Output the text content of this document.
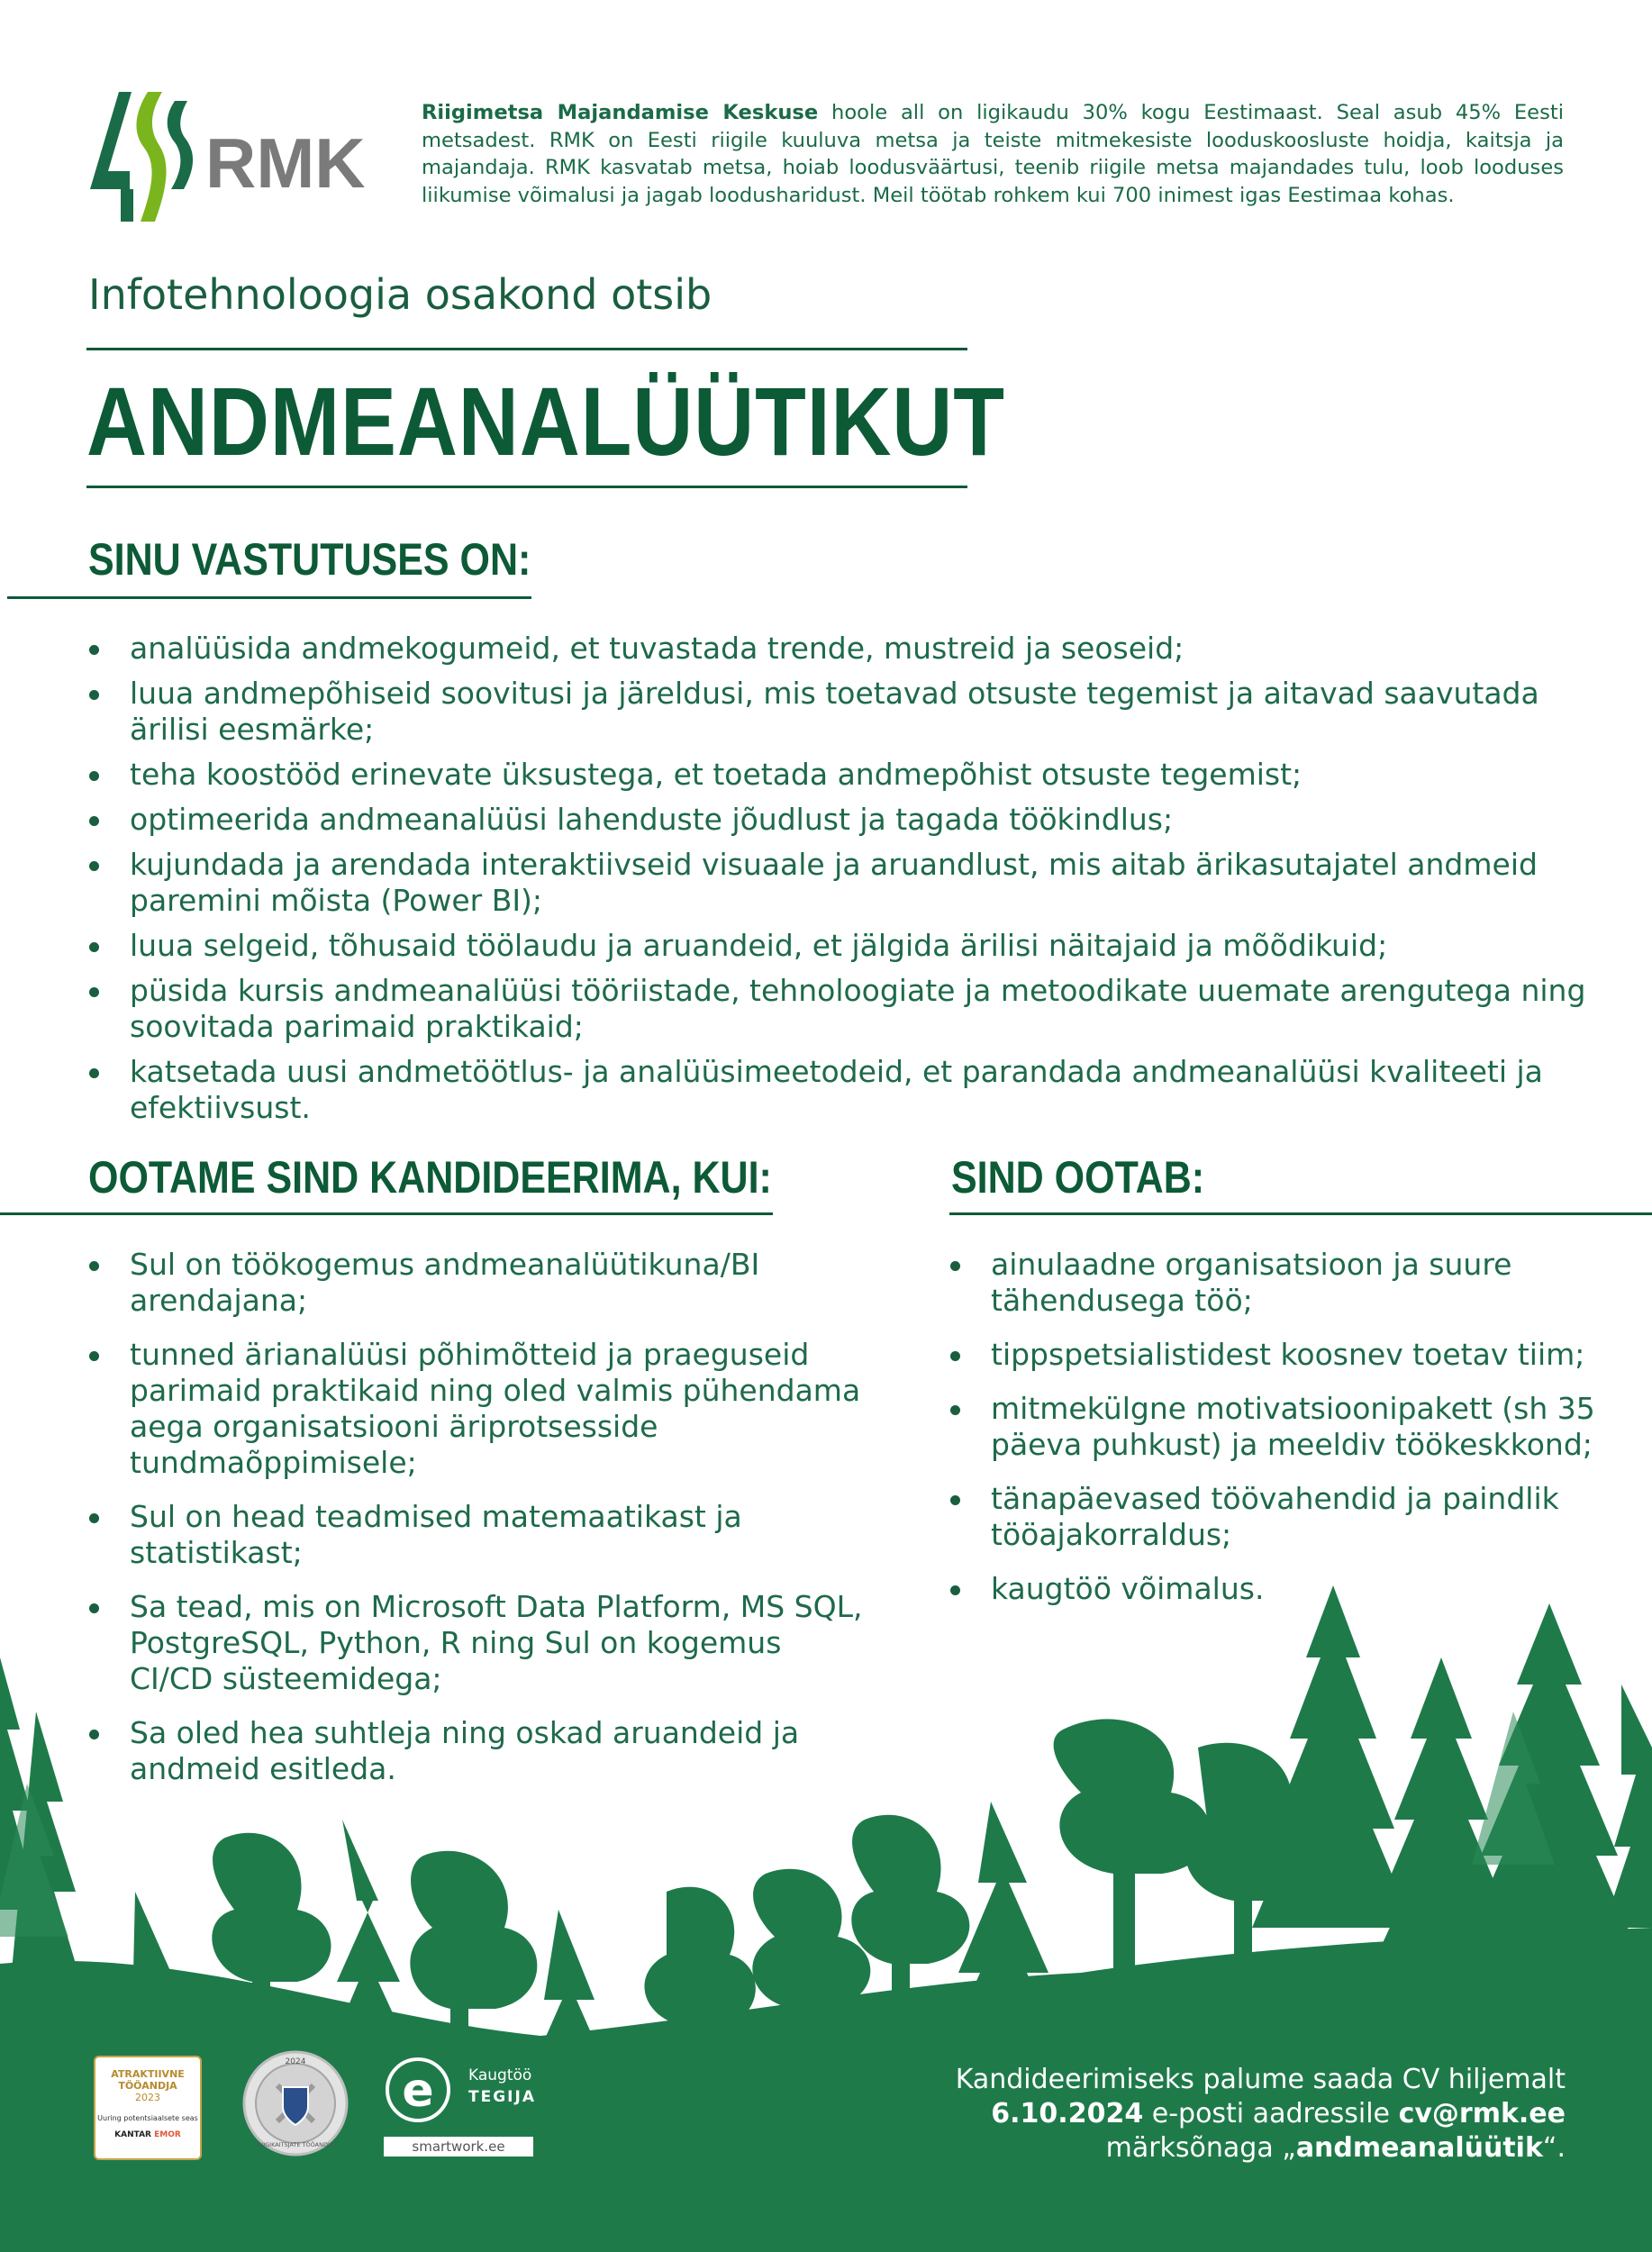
RMK
Riigimetsa Majandamise Keskuse hoole all on ligikaudu 30% kogu Eestimaast. Seal asub 45% Eesti metsadest. RMK on Eesti riigile kuuluva metsa ja teiste mitmekesiste looduskoosluste hoidja, kaitsja ja majandaja. RMK kasvatab metsa, hoiab loodusväärtusi, teenib riigile metsa majandades tulu, loob looduses liikumise võimalusi ja jagab loodusharidust. Meil töötab rohkem kui 700 inimest igas Eestimaa kohas.
Infotehnoloogia osakond otsib
ANDMEANALÜÜTIKUT
SINU VASTUTUSES ON:
analüüsida andmekogumeid, et tuvastada trende, mustreid ja seoseid;
luua andmepõhiseid soovitusi ja järeldusi, mis toetavad otsuste tegemist ja aitavad saavutada ärilisi eesmärke;
teha koostööd erinevate üksustega, et toetada andmepõhist otsuste tegemist;
optimeerida andmeanalüüsi lahenduste jõudlust ja tagada töökindlus;
kujundada ja arendada interaktiivseid visuaale ja aruandlust, mis aitab ärikasutajatel andmeid paremini mõista (Power BI);
luua selgeid, tõhusaid töölaudu ja aruandeid, et jälgida ärilisi näitajaid ja mõõdikuid;
püsida kursis andmeanalüüsi tööriistade, tehnoloogiate ja metoodikate uuemate arengutega ning soovitada parimaid praktikaid;
katsetada uusi andmetöötlus- ja analüüsimeetodeid, et parandada andmeanalüüsi kvaliteeti ja efektiivsust.
OOTAME SIND KANDIDEERIMA, KUI:	SIND OOTAB:
Sul on töökogemus andmeanalüütikuna/BI arendajana;
tunned ärianalüüsi põhimõtteid ja praeguseid parimaid praktikaid ning oled valmis pühendama aega organisatsiooni äriprotsesside tundmaõppimisele;
Sul on head teadmised matemaatikast ja statistikast;
Sa tead, mis on Microsoft Data Platform, MS SQL, PostgreSQL, Python, R ning Sul on kogemus CI/CD süsteemidega;
Sa oled hea suhtleja ning oskad aruandeid ja andmeid esitleda.
ainulaadne organisatsioon ja suure tähendusega töö;
tippspetsialistidest koosnev toetav tiim;
mitmekülgne motivatsioonipakett (sh 35 päeva puhkust) ja meeldiv töökeskkond;
tänapäevased töövahendid ja paindlik tööajakorraldus;
kaugtöö võimalus.
ATRAKTIIVNE
TÖÖANDJA
2023
Uuring potentsiaalsete seas
KANTAR EMOR
2024
RIIGIKAITSJATE TÖÖANDJA
e Kaugtöö
TEGIJA
smartwork.ee
Kandideerimiseks palume saada CV hiljemalt
6.10.2024 e-posti aadressile cv@rmk.ee
märksõnaga „andmeanalüütik“.
